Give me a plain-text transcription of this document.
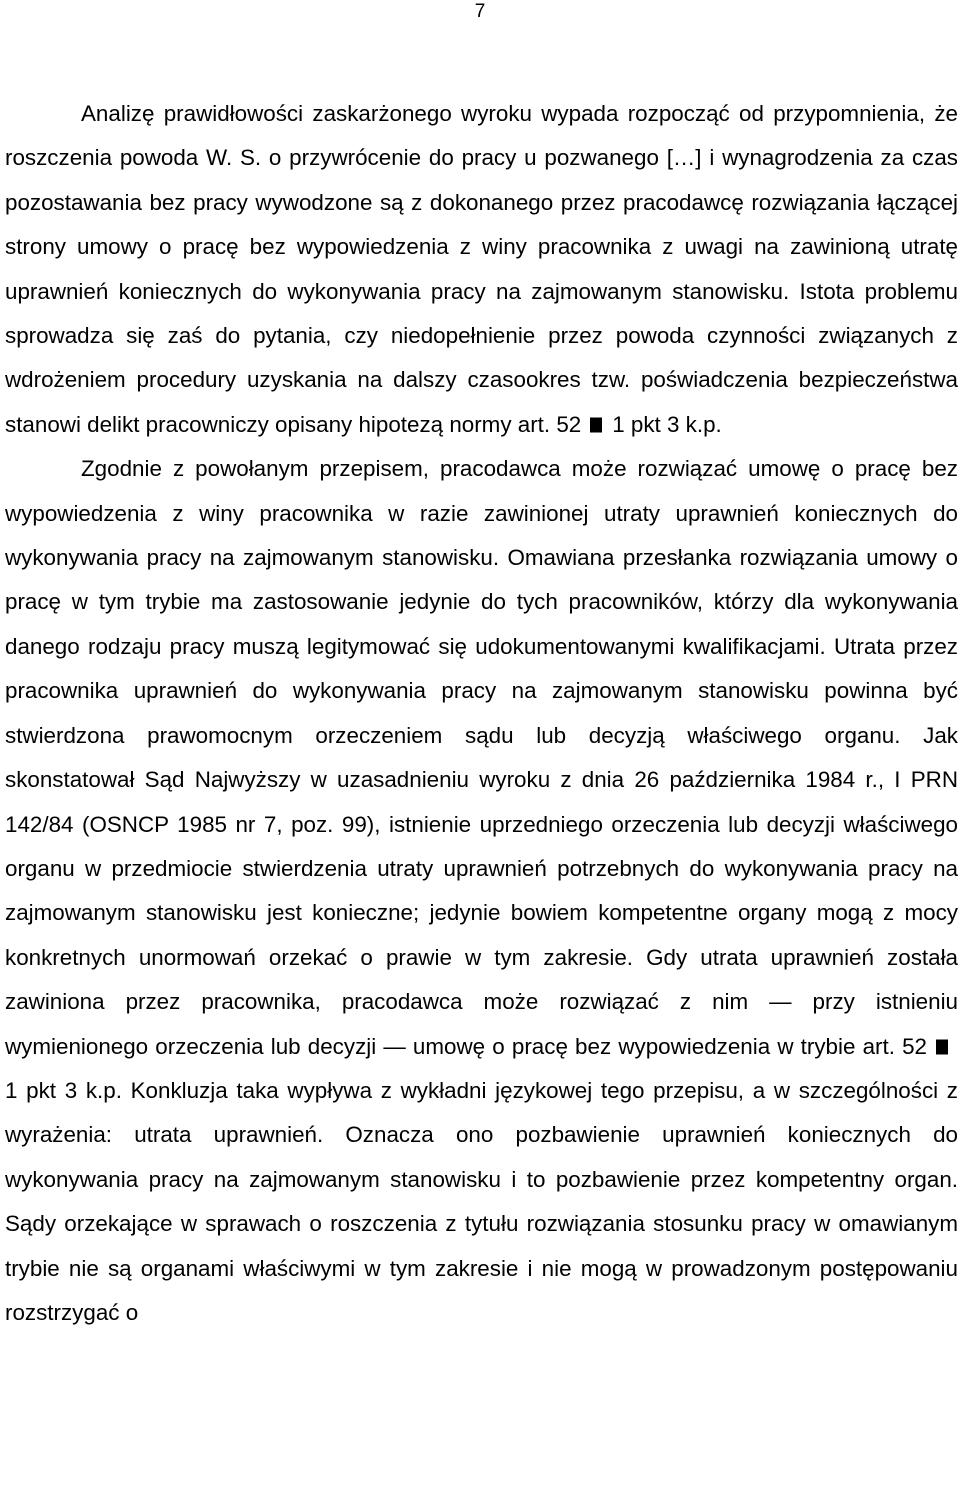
7

Analizę prawidłowości zaskarżonego wyroku wypada rozpocząć od przypomnienia, że roszczenia powoda W. S. o przywrócenie do pracy u pozwanego […] i wynagrodzenia za czas pozostawania bez pracy wywodzone są z dokonanego przez pracodawcę rozwiązania łączącej strony umowy o pracę bez wypowiedzenia z winy pracownika z uwagi na zawinioną utratę uprawnień koniecznych do wykonywania pracy na zajmowanym stanowisku. Istota problemu sprowadza się zaś do pytania, czy niedopełnienie przez powoda czynności związanych z wdrożeniem procedury uzyskania na dalszy czasookres tzw. poświadczenia bezpieczeństwa stanowi delikt pracowniczy opisany hipotezą normy art. 52 1 pkt 3 k.p.

Zgodnie z powołanym przepisem, pracodawca może rozwiązać umowę o pracę bez wypowiedzenia z winy pracownika w razie zawinionej utraty uprawnień koniecznych do wykonywania pracy na zajmowanym stanowisku. Omawiana przesłanka rozwiązania umowy o pracę w tym trybie ma zastosowanie jedynie do tych pracowników, którzy dla wykonywania danego rodzaju pracy muszą legitymować się udokumentowanymi kwalifikacjami. Utrata przez pracownika uprawnień do wykonywania pracy na zajmowanym stanowisku powinna być stwierdzona prawomocnym orzeczeniem sądu lub decyzją właściwego organu. Jak skonstatował Sąd Najwyższy w uzasadnieniu wyroku z dnia 26 października 1984 r., I PRN 142/84 (OSNCP 1985 nr 7, poz. 99), istnienie uprzedniego orzeczenia lub decyzji właściwego organu w przedmiocie stwierdzenia utraty uprawnień potrzebnych do wykonywania pracy na zajmowanym stanowisku jest konieczne; jedynie bowiem kompetentne organy mogą z mocy konkretnych unormowań orzekać o prawie w tym zakresie. Gdy utrata uprawnień została zawiniona przez pracownika, pracodawca może rozwiązać z nim — przy istnieniu wymienionego orzeczenia lub decyzji — umowę o pracę bez wypowiedzenia w trybie art. 521 pkt 3 k.p. Konkluzja taka wypływa z wykładni językowej tego przepisu, a w szczególności z wyrażenia: utrata uprawnień. Oznacza ono pozbawienie uprawnień koniecznych do wykonywania pracy na zajmowanym stanowisku i to pozbawienie przez kompetentny organ. Sądy orzekające w sprawach o roszczenia z tytułu rozwiązania stosunku pracy w omawianym trybie nie są organami właściwymi w tym zakresie i nie mogą w prowadzonym postępowaniu rozstrzygać o
